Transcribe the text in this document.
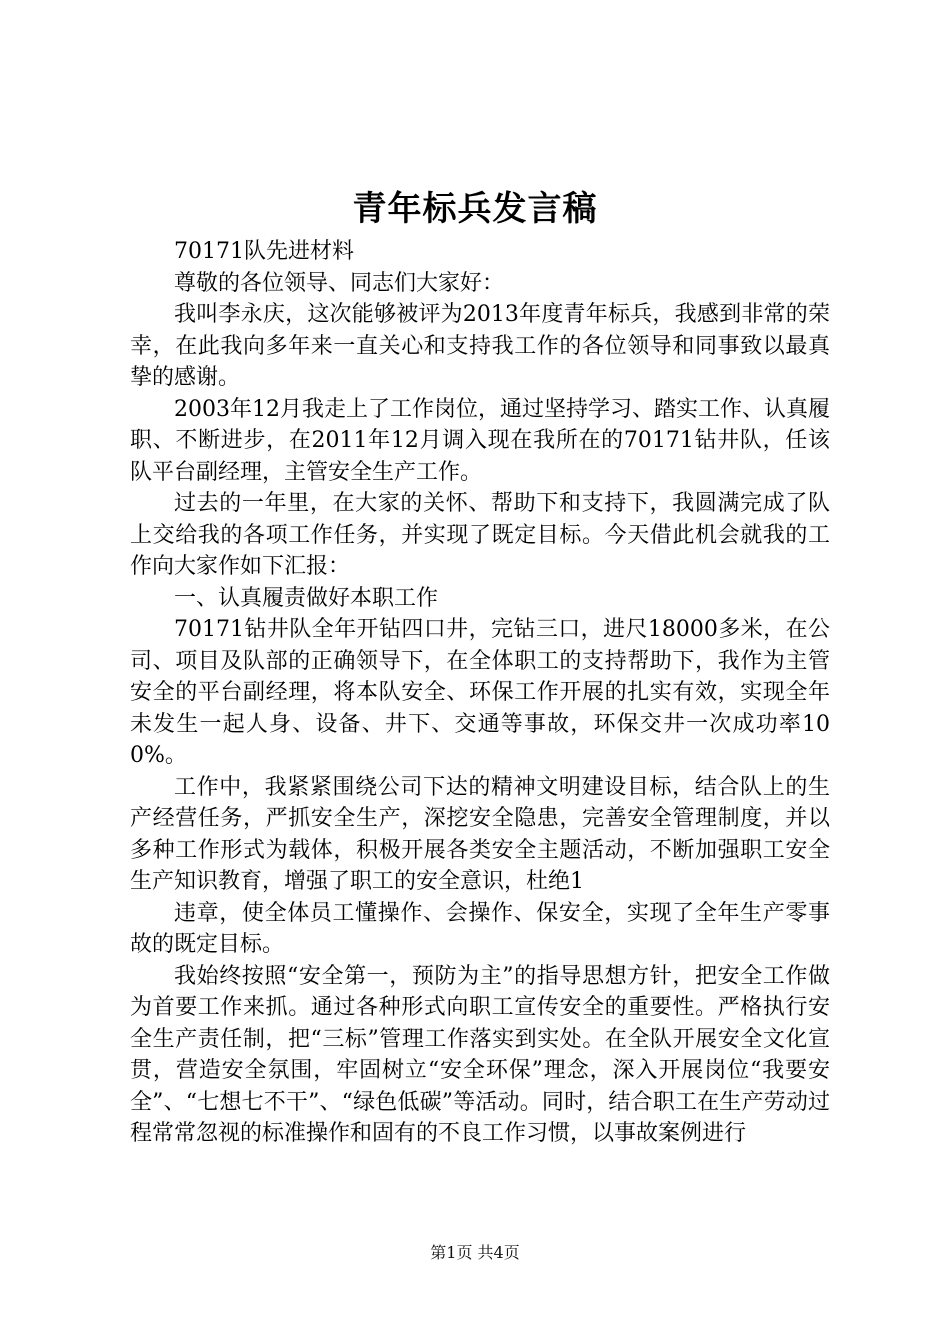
青年标兵发言稿

70171队先进材料

尊敬的各位领导、同志们大家好：

我叫李永庆，这次能够被评为2013年度青年标兵，我感到非常的荣幸，在此我向多年来一直关心和支持我工作的各位领导和同事致以最真挚的感谢。

2003年12月我走上了工作岗位，通过坚持学习、踏实工作、认真履职、不断进步，在2011年12月调入现在我所在的70171钻井队，任该队平台副经理，主管安全生产工作。

过去的一年里，在大家的关怀、帮助下和支持下，我圆满完成了队上交给我的各项工作任务，并实现了既定目标。今天借此机会就我的工作向大家作如下汇报：

一、认真履责做好本职工作

70171钻井队全年开钻四口井，完钻三口，进尺18000多米，在公司、项目及队部的正确领导下，在全体职工的支持帮助下，我作为主管安全的平台副经理，将本队安全、环保工作开展的扎实有效，实现全年未发生一起人身、设备、井下、交通等事故，环保交井一次成功率100%。

工作中，我紧紧围绕公司下达的精神文明建设目标，结合队上的生产经营任务，严抓安全生产，深挖安全隐患，完善安全管理制度，并以多种工作形式为载体，积极开展各类安全主题活动，不断加强职工安全生产知识教育，增强了职工的安全意识，杜绝1

违章，使全体员工懂操作、会操作、保安全，实现了全年生产零事故的既定目标。

我始终按照“安全第一，预防为主”的指导思想方针，把安全工作做为首要工作来抓。通过各种形式向职工宣传安全的重要性。严格执行安全生产责任制，把“三标”管理工作落实到实处。在全队开展安全文化宣贯，营造安全氛围，牢固树立“安全环保”理念，深入开展岗位“我要安全”、“七想七不干”、“绿色低碳”等活动。同时，结合职工在生产劳动过程常常忽视的标准操作和固有的不良工作习惯，以事故案例进行

第1页 共4页
